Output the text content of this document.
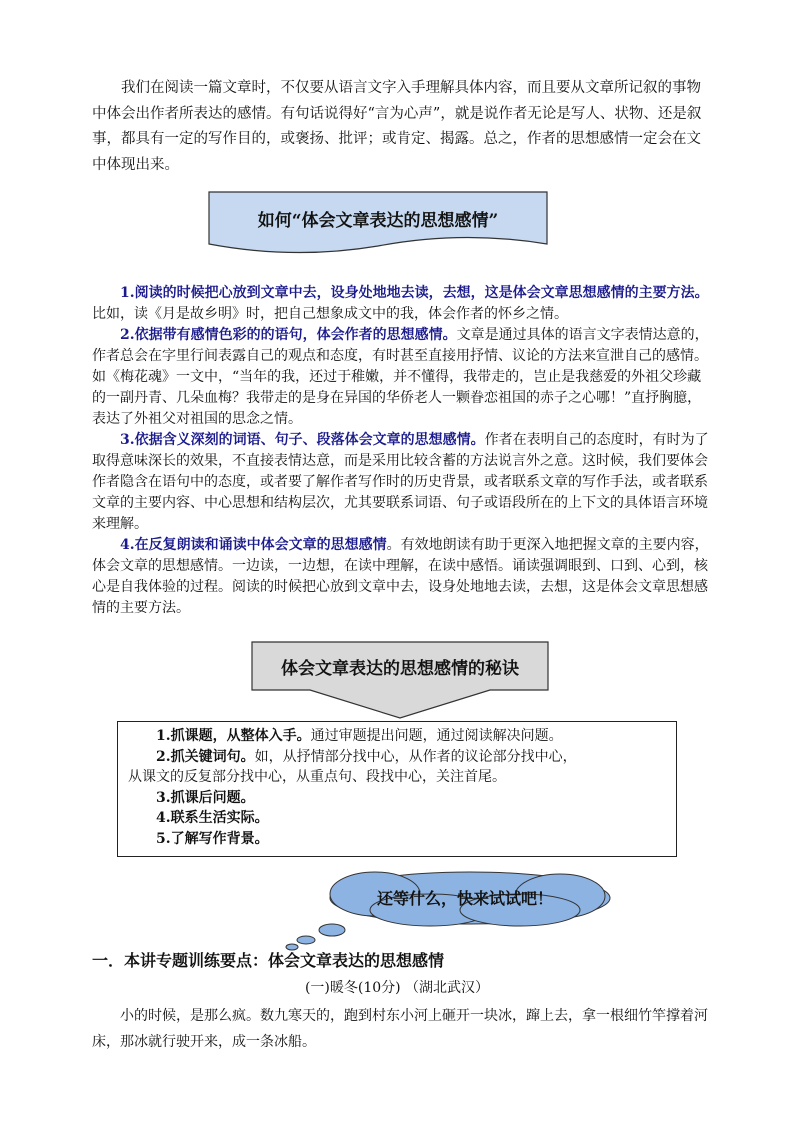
我们在阅读一篇文章时，不仅要从语言文字入手理解具体内容，而且要从文章所记叙的事物中体会出作者所表达的感情。有句话说得好“言为心声”，就是说作者无论是写人、状物、还是叙事，都具有一定的写作目的，或褒扬、批评；或肯定、揭露。总之，作者的思想感情一定会在文中体现出来。

如何“体会文章表达的思想感情”

1.阅读的时候把心放到文章中去，设身处地地去读，去想，这是体会文章思想感情的主要方法。比如，读《月是故乡明》时，把自己想象成文中的我，体会作者的怀乡之情。

2.依据带有感情色彩的的语句，体会作者的思想感情。文章是通过具体的语言文字表情达意的，作者总会在字里行间表露自己的观点和态度，有时甚至直接用抒情、议论的方法来宣泄自己的感情。如《梅花魂》一文中，“当年的我，还过于稚嫩，并不懂得，我带走的，岂止是我慈爱的外祖父珍藏的一副丹青、几朵血梅？我带走的是身在异国的华侨老人一颗眷恋祖国的赤子之心哪！”直抒胸臆，表达了外祖父对祖国的思念之情。

3.依据含义深刻的词语、句子、段落体会文章的思想感情。作者在表明自己的态度时，有时为了取得意味深长的效果，不直接表情达意，而是采用比较含蓄的方法说言外之意。这时候，我们要体会作者隐含在语句中的态度，或者要了解作者写作时的历史背景，或者联系文章的写作手法，或者联系文章的主要内容、中心思想和结构层次，尤其要联系词语、句子或语段所在的上下文的具体语言环境来理解。

4.在反复朗读和诵读中体会文章的思想感情。有效地朗读有助于更深入地把握文章的主要内容，体会文章的思想感情。一边读，一边想，在读中理解，在读中感悟。诵读强调眼到、口到、心到，核心是自我体验的过程。阅读的时候把心放到文章中去，设身处地地去读，去想，这是体会文章思想感情的主要方法。

体会文章表达的思想感情的秘诀

1.抓课题，从整体入手。通过审题提出问题，通过阅读解决问题。

2.抓关键词句。如，从抒情部分找中心，从作者的议论部分找中心，

从课文的反复部分找中心，从重点句、段找中心，关注首尾。

3.抓课后问题。

4.联系生活实际。

5.了解写作背景。

还等什么，快来试试吧！

一．本讲专题训练要点：体会文章表达的思想感情

(一)暖冬(10分) （湖北武汉）

小的时候，是那么疯。数九寒天的，跑到村东小河上砸开一块冰，蹿上去，拿一根细竹竿撑着河床，那冰就行驶开来，成一条冰船。
